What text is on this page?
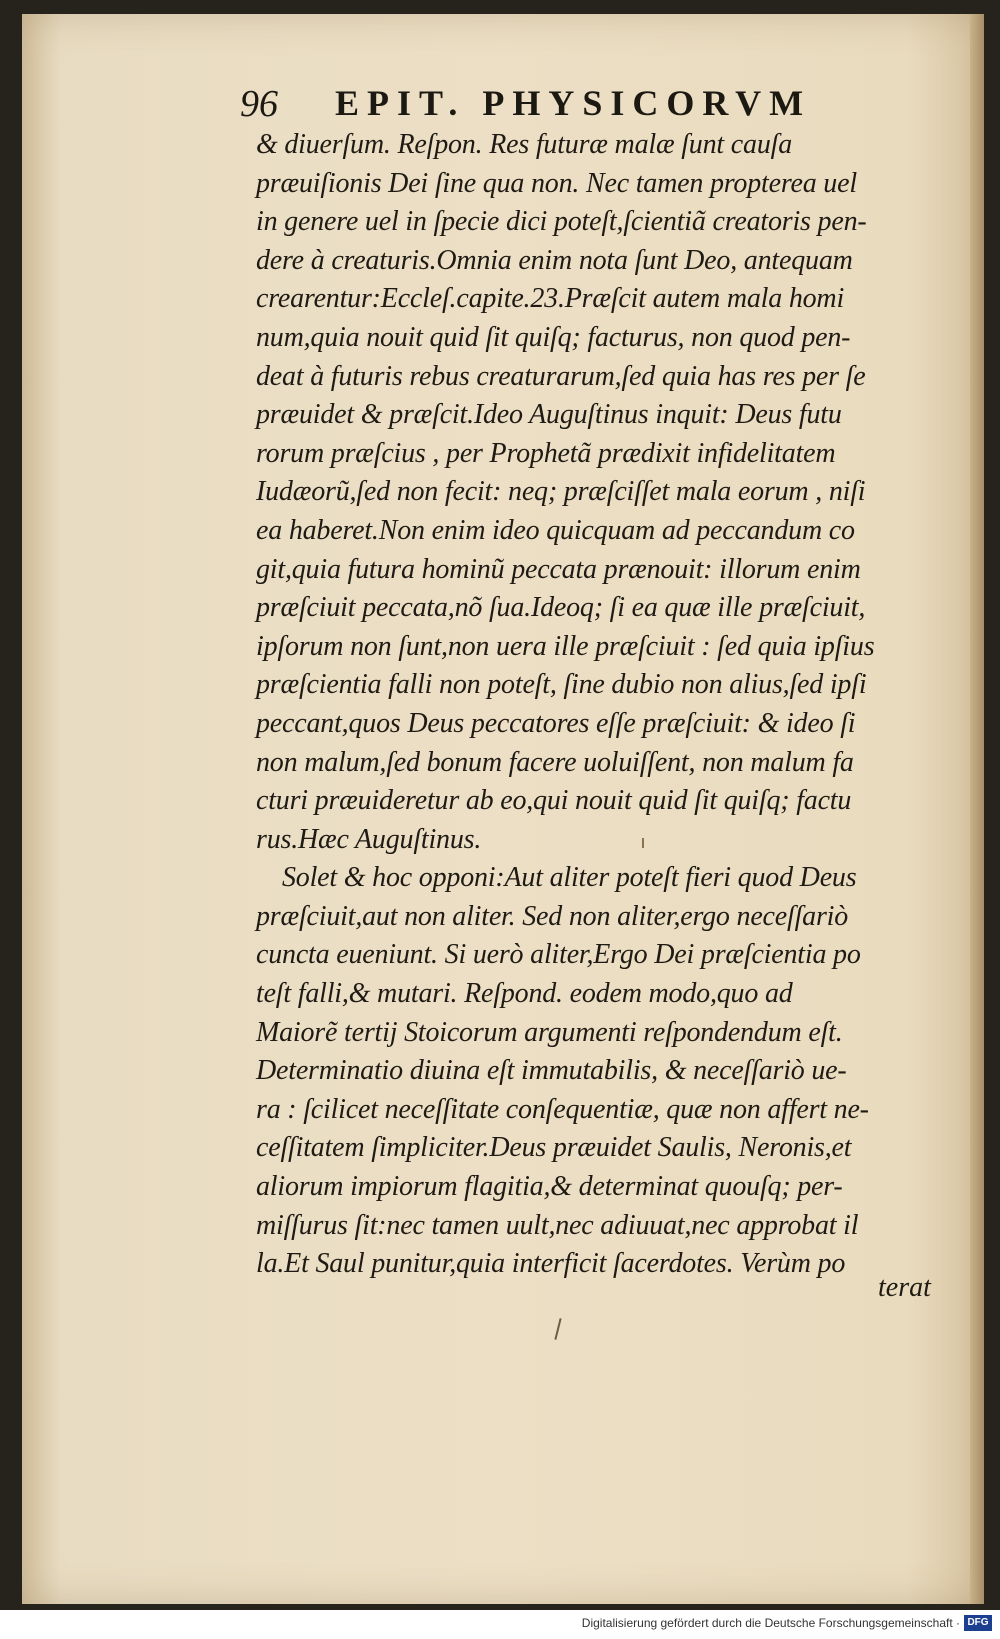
96 EPIT. PHYSICORVM
& diuerſum. Reſpon. Res futuræ malæ ſunt cauſa
præuiſionis Dei ſine qua non. Nec tamen propterea uel
in genere uel in ſpecie dici poteſt,ſcientiã creatoris pen-
dere à creaturis.Omnia enim nota ſunt Deo, antequam
crearentur:Eccleſ.capite.23.Præſcit autem mala homi
num,quia nouit quid ſit quiſq; facturus, non quod pen-
deat à futuris rebus creaturarum,ſed quia has res per ſe
præuidet & præſcit.Ideo Auguſtinus inquit: Deus futu
rorum præſcius , per Prophetã prædixit infidelitatem
Iudæorũ,ſed non fecit: neq; præſciſſet mala eorum , niſi
ea haberet.Non enim ideo quicquam ad peccandum co
git,quia futura hominũ peccata prænouit: illorum enim
præſciuit peccata,nõ ſua.Ideoq; ſi ea quæ ille præſciuit,
ipſorum non ſunt,non uera ille præſciuit : ſed quia ipſius
præſcientia falli non poteſt, ſine dubio non alius,ſed ipſi
peccant,quos Deus peccatores eſſe præſciuit: & ideo ſi
non malum,ſed bonum facere uoluiſſent, non malum fa
cturi præuideretur ab eo,qui nouit quid ſit quiſq; factu
rus.Hæc Auguſtinus.
Solet & hoc opponi:Aut aliter poteſt fieri quod Deus
præſciuit,aut non aliter. Sed non aliter,ergo neceſſariò
cuncta eueniunt. Si uerò aliter,Ergo Dei præſcientia po
teſt falli,& mutari. Reſpond. eodem modo,quo ad
Maiorẽ tertij Stoicorum argumenti reſpondendum eſt.
Determinatio diuina eſt immutabilis, & neceſſariò ue-
ra : ſcilicet neceſſitate conſequentiæ, quæ non affert ne-
ceſſitatem ſimpliciter.Deus præuidet Saulis, Neronis,et
aliorum impiorum flagitia,& determinat quouſq; per-
miſſurus ſit:nec tamen uult,nec adiuuat,nec approbat il
la.Et Saul punitur,quia interficit ſacerdotes. Verùm po
terat
Digitalisierung gefördert durch die Deutsche Forschungsgemeinschaft · DFG
